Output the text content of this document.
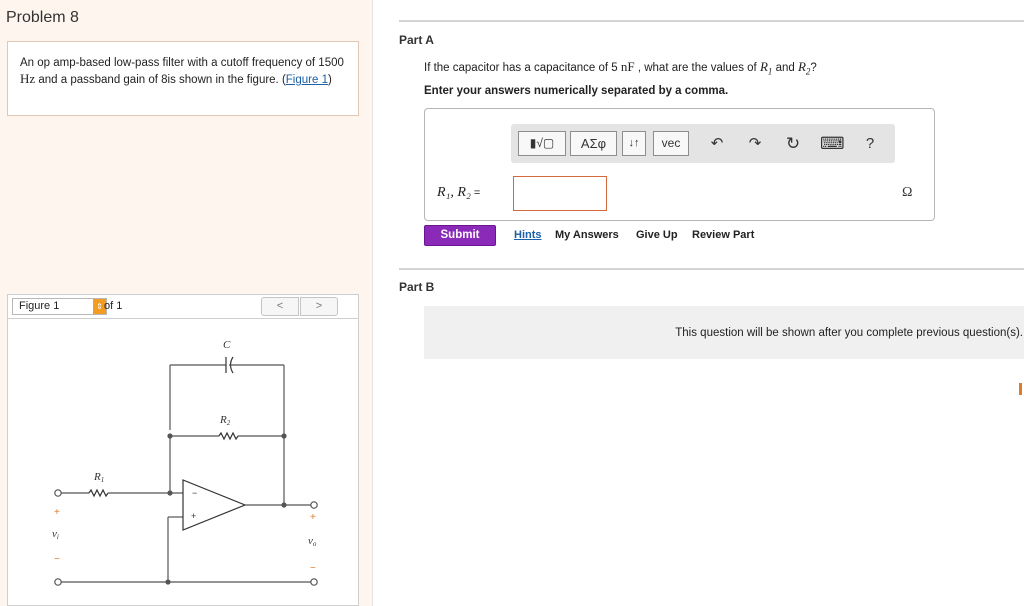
Problem 8
An op amp-based low-pass filter with a cutoff frequency of 1500 Hz and a passband gain of 8is shown in the figure. (Figure 1)
Figure 1	⇕ of 1	<	>
C
R2
R1
vi	vo
+
−
+
−
−
+
Part A
If the capacitor has a capacitance of 5 nF , what are the values of $R_1$ and $R_2$?
Enter your answers numerically separated by a comma.
▮√▢	ΑΣφ	↓↑	vec	↶	↷ ↻ ⌨	?
R₁, R₂ =	Ω
Submit	Hints My Answers Give Up Review Part
Part B
This question will be shown after you complete previous question(s).
